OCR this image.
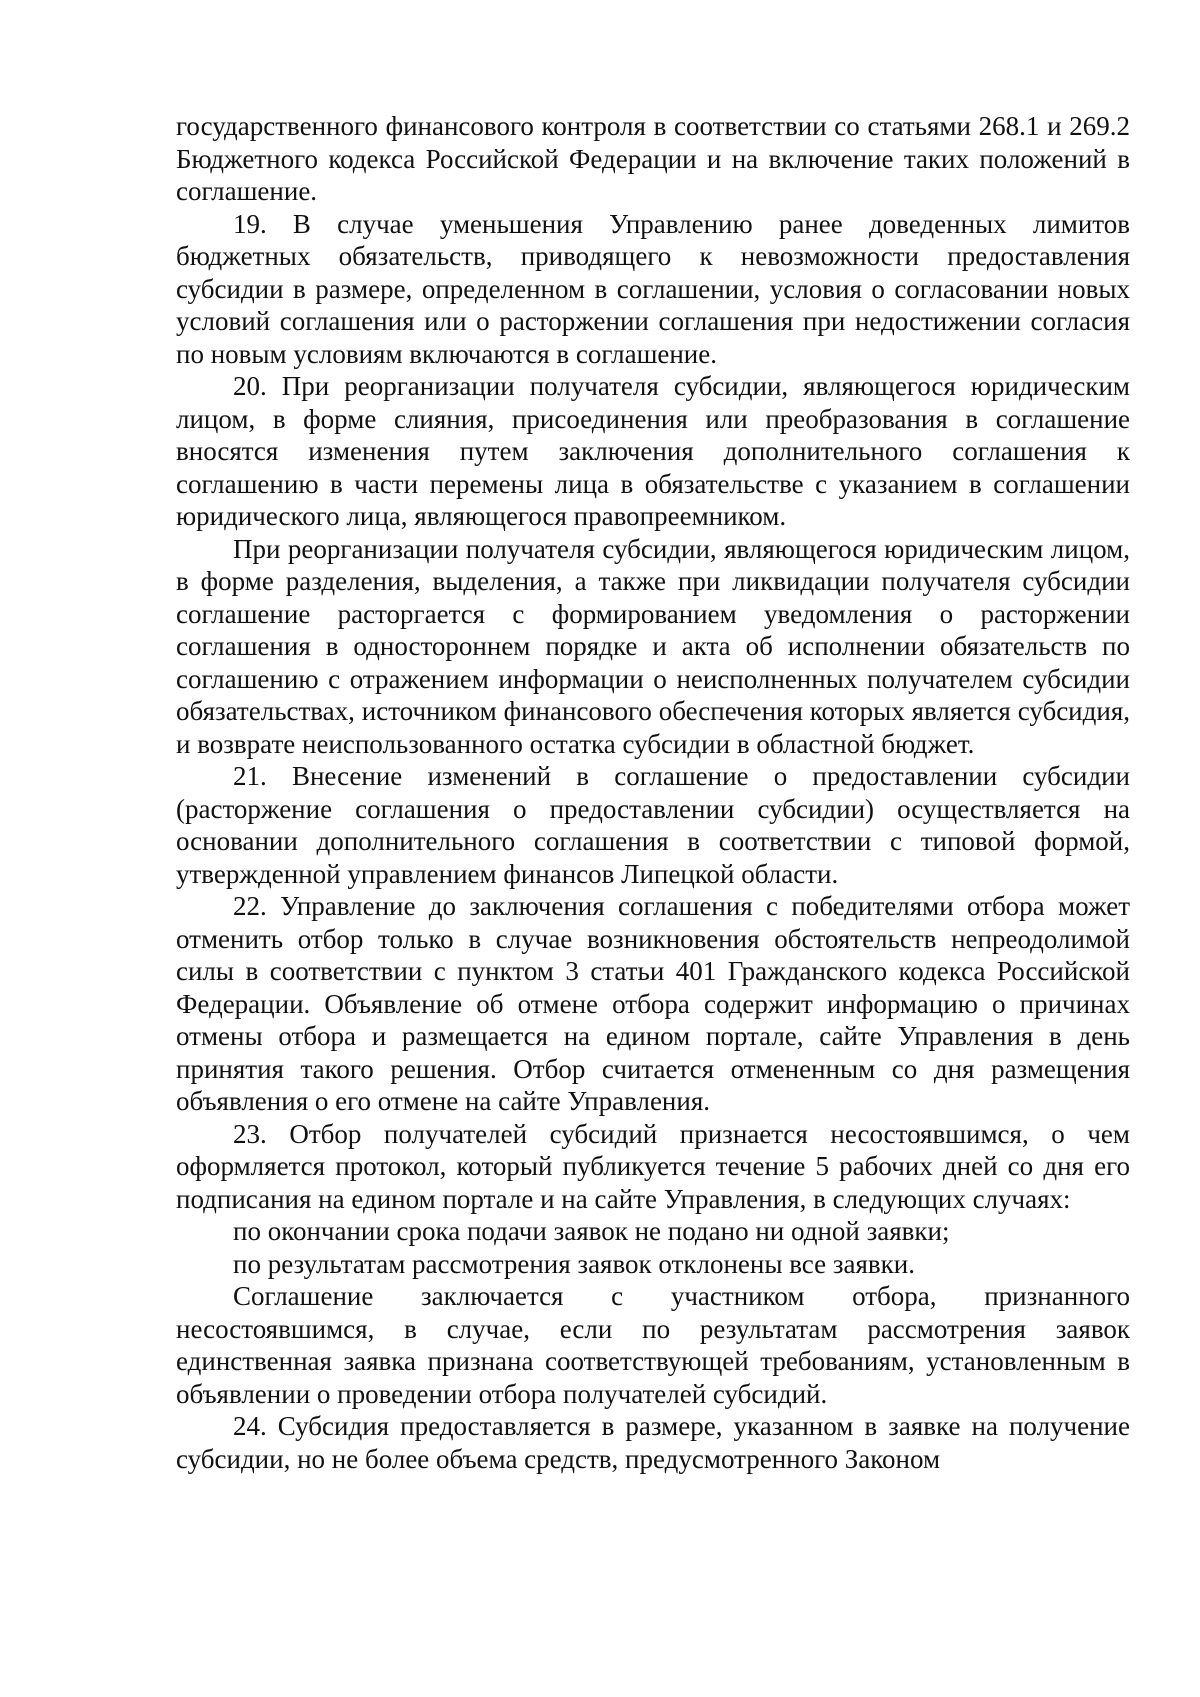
государственного финансового контроля в соответствии со статьями 268.1 и 269.2 Бюджетного кодекса Российской Федерации и на включение таких положений в соглашение.

19. В случае уменьшения Управлению ранее доведенных лимитов бюджетных обязательств, приводящего к невозможности предоставления субсидии в размере, определенном в соглашении, условия о согласовании новых условий соглашения или о расторжении соглашения при недостижении согласия по новым условиям включаются в соглашение.

20. При реорганизации получателя субсидии, являющегося юридическим лицом, в форме слияния, присоединения или преобразования в соглашение вносятся изменения путем заключения дополнительного соглашения к соглашению в части перемены лица в обязательстве с указанием в соглашении юридического лица, являющегося правопреемником.

При реорганизации получателя субсидии, являющегося юридическим лицом, в форме разделения, выделения, а также при ликвидации получателя субсидии соглашение расторгается с формированием уведомления о расторжении соглашения в одностороннем порядке и акта об исполнении обязательств по соглашению с отражением информации о неисполненных получателем субсидии обязательствах, источником финансового обеспечения которых является субсидия, и возврате неиспользованного остатка субсидии в областной бюджет.

21. Внесение изменений в соглашение о предоставлении субсидии (расторжение соглашения о предоставлении субсидии) осуществляется на основании дополнительного соглашения в соответствии с типовой формой, утвержденной управлением финансов Липецкой области.

22. Управление до заключения соглашения с победителями отбора может отменить отбор только в случае возникновения обстоятельств непреодолимой силы в соответствии с пунктом 3 статьи 401 Гражданского кодекса Российской Федерации. Объявление об отмене отбора содержит информацию о причинах отмены отбора и размещается на едином портале, сайте Управления в день принятия такого решения. Отбор считается отмененным со дня размещения объявления о его отмене на сайте Управления.

23. Отбор получателей субсидий признается несостоявшимся, о чем оформляется протокол, который публикуется течение 5 рабочих дней со дня его подписания на едином портале и на сайте Управления, в следующих случаях:

по окончании срока подачи заявок не подано ни одной заявки;

по результатам рассмотрения заявок отклонены все заявки.

Соглашение заключается с участником отбора, признанного несостоявшимся, в случае, если по результатам рассмотрения заявок единственная заявка признана соответствующей требованиям, установленным в объявлении о проведении отбора получателей субсидий.

24. Субсидия предоставляется в размере, указанном в заявке на получение субсидии, но не более объема средств, предусмотренного Законом
